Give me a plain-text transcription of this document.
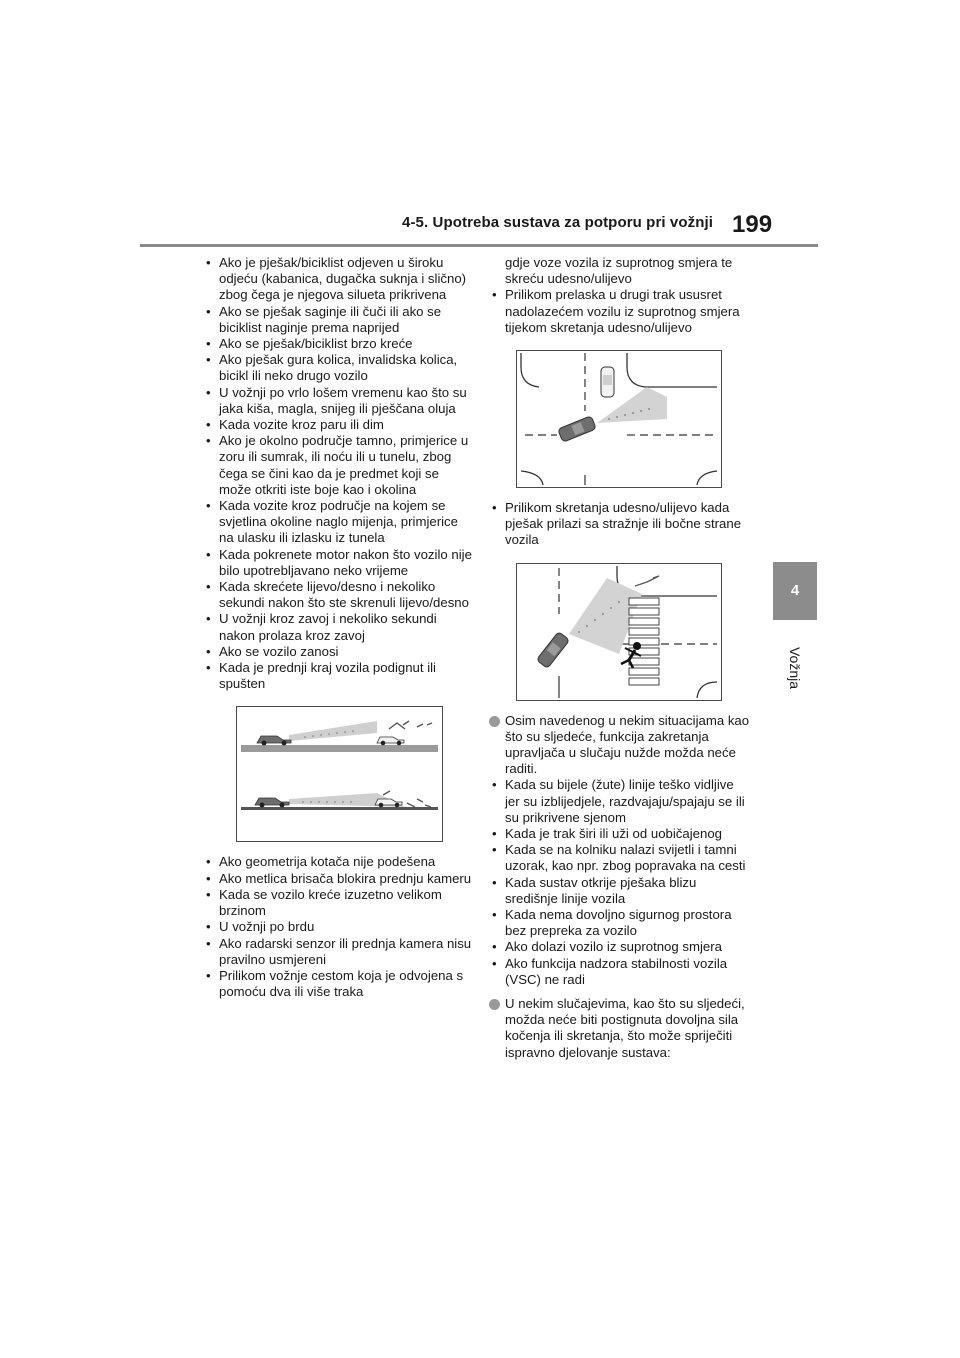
4-5. Upotreba sustava za potporu pri vožnji 199
4
Vožnja
• Ako je pješak/biciklist odjeven u široku odjeću (kabanica, dugačka suknja i slično) zbog čega je njegova silueta prikrivena
• Ako se pješak saginje ili čuči ili ako se biciklist naginje prema naprijed
• Ako se pješak/biciklist brzo kreće
• Ako pješak gura kolica, invalidska kolica, bicikl ili neko drugo vozilo
• U vožnji po vrlo lošem vremenu kao što su jaka kiša, magla, snijeg ili pješčana oluja
• Kada vozite kroz paru ili dim
• Ako je okolno područje tamno, primjerice u zoru ili sumrak, ili noću ili u tunelu, zbog čega se čini kao da je predmet koji se može otkriti iste boje kao i okolina
• Kada vozite kroz područje na kojem se svjetlina okoline naglo mijenja, primjerice na ulasku ili izlasku iz tunela
• Kada pokrenete motor nakon što vozilo nije bilo upotrebljavano neko vrijeme
• Kada skrećete lijevo/desno i nekoliko sekundi nakon što ste skrenuli lijevo/desno
• U vožnji kroz zavoj i nekoliko sekundi nakon prolaza kroz zavoj
• Ako se vozilo zanosi
• Kada je prednji kraj vozila podignut ili spušten
• Ako geometrija kotača nije podešena
• Ako metlica brisača blokira prednju kameru
• Kada se vozilo kreće izuzetno velikom brzinom
• U vožnji po brdu
• Ako radarski senzor ili prednja kamera nisu pravilno usmjereni
• Prilikom vožnje cestom koja je odvojena s pomoću dva ili više traka
gdje voze vozila iz suprotnog smjera te skreću udesno/ulijevo
• Prilikom prelaska u drugi trak ususret nadolazećem vozilu iz suprotnog smjera tijekom skretanja udesno/ulijevo
• Prilikom skretanja udesno/ulijevo kada pješak prilazi sa stražnje ili bočne strane vozila
Osim navedenog u nekim situacijama kao što su sljedeće, funkcija zakretanja upravljača u slučaju nužde možda neće raditi.
• Kada su bijele (žute) linije teško vidljive jer su izblijedjele, razdvajaju/spajaju se ili su prikrivene sjenom
• Kada je trak širi ili uži od uobičajenog
• Kada se na kolniku nalazi svijetli i tamni uzorak, kao npr. zbog popravaka na cesti
• Kada sustav otkrije pješaka blizu središnje linije vozila
• Kada nema dovoljno sigurnog prostora bez prepreka za vozilo
• Ako dolazi vozilo iz suprotnog smjera
• Ako funkcija nadzora stabilnosti vozila (VSC) ne radi
U nekim slučajevima, kao što su sljedeći, možda neće biti postignuta dovoljna sila kočenja ili skretanja, što može spriječiti ispravno djelovanje sustava:
